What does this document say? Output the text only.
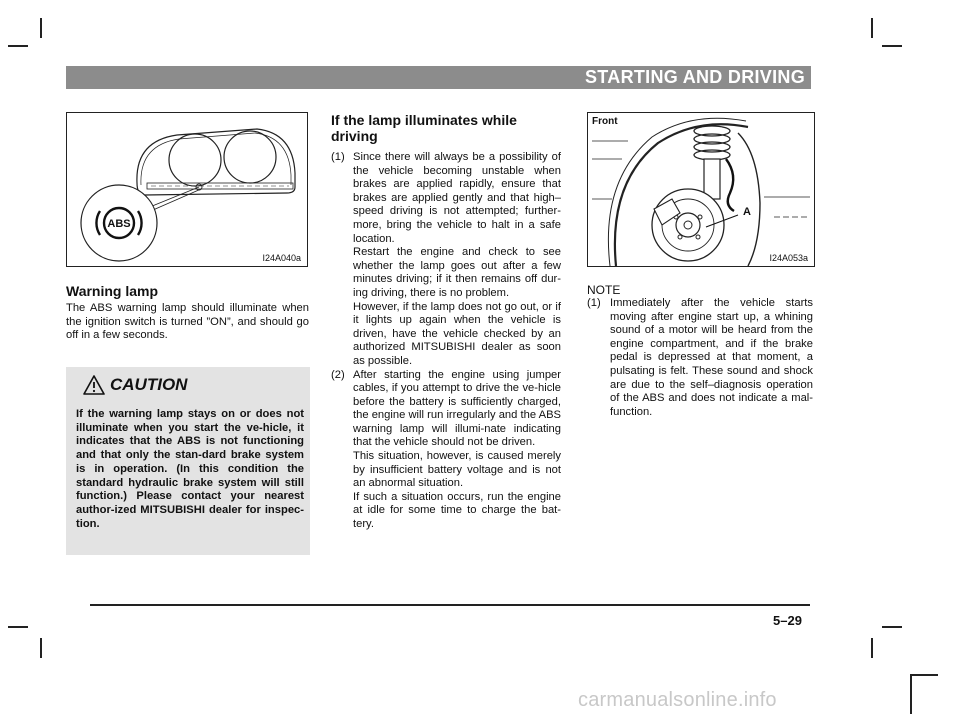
STARTING AND DRIVING
ABS
I24A040a
Warning lamp
The ABS warning lamp should illuminate when the ignition switch is turned ”ON”, and should go off in a few seconds.
CAUTION
If the warning lamp stays on or does not illuminate when you start the ve-hicle, it indicates that the ABS is not functioning and that only the stan-dard brake system is in operation. (In this condition the standard hydraulic brake system will still function.) Please contact your nearest author-ized MITSUBISHI dealer for inspec-tion.
If the lamp illuminates while
driving
(1) Since there will always be a possibility of the vehicle becoming unstable when brakes are applied rapidly, ensure that brakes are applied gently and that high–speed driving is not attempted; further-more, bring the vehicle to halt in a safe location.

Restart the engine and check to see whether the lamp goes out after a few minutes driving; if it then remains off dur-ing driving, there is no problem.

However, if the lamp does not go out, or if it lights up again when the vehicle is driven, have the vehicle checked by an authorized MITSUBISHI dealer as soon as possible.

(2) After starting the engine using jumper cables, if you attempt to drive the ve-hicle before the battery is sufficiently charged, the engine will run irregularly and the ABS warning lamp will illumi-nate indicating that the vehicle should not be driven.

This situation, however, is caused merely by insufficient battery voltage and is not an abnormal situation.

If such a situation occurs, run the engine at idle for some time to charge the bat-tery.

Front
A
I24A053a
NOTE
(1) Immediately after the vehicle starts moving after engine start up, a whining sound of a motor will be heard from the engine compartment, and if the brake pedal is depressed at that moment, a pulsating is felt. These sound and shock are due to the self–diagnosis operation of the ABS and does not indicate a mal-function.

5–29
carmanualsonline.info
